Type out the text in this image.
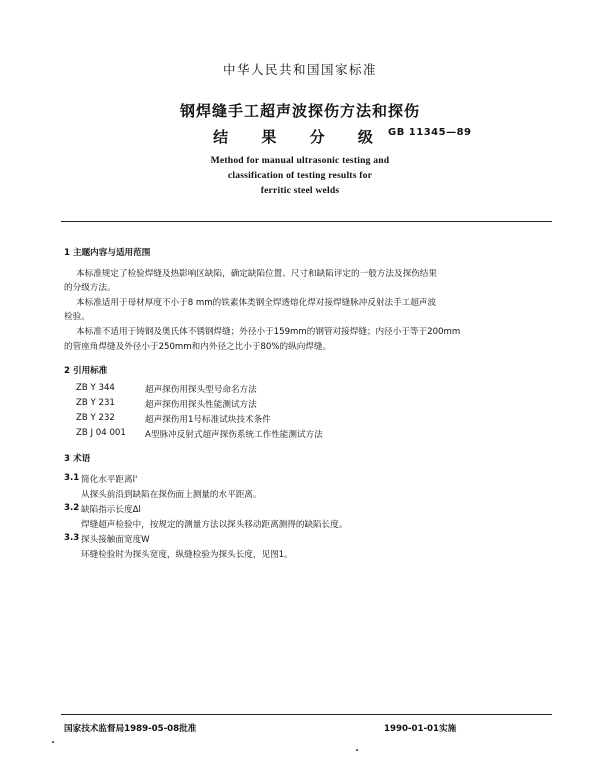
中华人民共和国国家标准
钢焊缝手工超声波探伤方法和探伤
结 果 分 级 GB 11345—89
Method for manual ultrasonic testing and
classification of testing results for
ferritic steel welds
1 主题内容与适用范围
本标准规定了检验焊缝及热影响区缺陷，确定缺陷位置、尺寸和缺陷评定的一般方法及探伤结果
的分级方法。
本标准适用于母材厚度不小于8 mm的铁素体类钢全焊透熔化焊对接焊缝脉冲反射法手工超声波
检验。
本标准不适用于铸钢及奥氏体不锈钢焊缝；外径小于159mm的钢管对接焊缝；内径小于等于200mm
的管座角焊缝及外径小于250mm和内外径之比小于80%的纵向焊缝。
2 引用标准
ZB Y 344	超声探伤用探头型号命名方法
ZB Y 231	超声探伤用探头性能测试方法
ZB Y 232	超声探伤用1号标准试块技术条件
ZB J 04 001 A型脉冲反射式超声探伤系统工作性能测试方法
3 术语
3.1 简化水平距离l'
从探头前沿到缺陷在探伤面上测量的水平距离。
3.2 缺陷指示长度Δl
焊缝超声检验中，按规定的测量方法以探头移动距离测得的缺陷长度。
3.3 探头接触面宽度W
环缝检验时为探头宽度，纵缝检验为探头长度，见图1。
国家技术监督局1989-05-08批准	1990-01-01实施
